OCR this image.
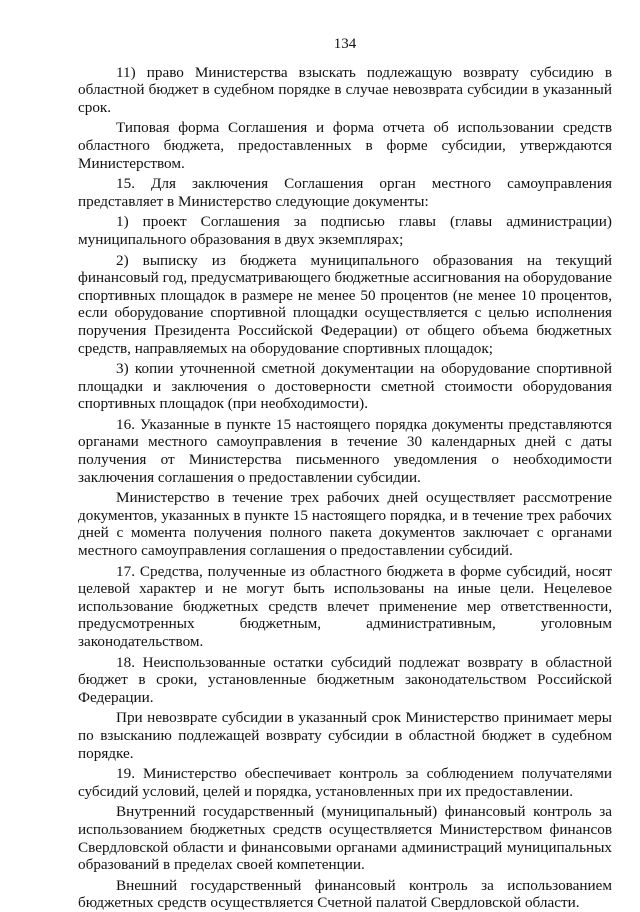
134

11) право Министерства взыскать подлежащую возврату субсидию в областной бюджет в судебном порядке в случае невозврата субсидии в указанный срок.

Типовая форма Соглашения и форма отчета об использовании средств областного бюджета, предоставленных в форме субсидии, утверждаются Министерством.

15. Для заключения Соглашения орган местного самоуправления представляет в Министерство следующие документы:

1) проект Соглашения за подписью главы (главы администрации) муниципального образования в двух экземплярах;

2) выписку из бюджета муниципального образования на текущий финансовый год, предусматривающего бюджетные ассигнования на оборудование спортивных площадок в размере не менее 50 процентов (не менее 10 процентов, если оборудование спортивной площадки осуществляется с целью исполнения поручения Президента Российской Федерации) от общего объема бюджетных средств, направляемых на оборудование спортивных площадок;

3) копии уточненной сметной документации на оборудование спортивной площадки и заключения о достоверности сметной стоимости оборудования спортивных площадок (при необходимости).

16. Указанные в пункте 15 настоящего порядка документы представляются органами местного самоуправления в течение 30 календарных дней с даты получения от Министерства письменного уведомления о необходимости заключения соглашения о предоставлении субсидии.

Министерство в течение трех рабочих дней осуществляет рассмотрение документов, указанных в пункте 15 настоящего порядка, и в течение трех рабочих дней с момента получения полного пакета документов заключает с органами местного самоуправления соглашения о предоставлении субсидий.

17. Средства, полученные из областного бюджета в форме субсидий, носят целевой характер и не могут быть использованы на иные цели. Нецелевое использование бюджетных средств влечет применение мер ответственности, предусмотренных бюджетным, административным, уголовным законодательством.

18. Неиспользованные остатки субсидий подлежат возврату в областной бюджет в сроки, установленные бюджетным законодательством Российской Федерации.

При невозврате субсидии в указанный срок Министерство принимает меры по взысканию подлежащей возврату субсидии в областной бюджет в судебном порядке.

19. Министерство обеспечивает контроль за соблюдением получателями субсидий условий, целей и порядка, установленных при их предоставлении.

Внутренний государственный (муниципальный) финансовый контроль за использованием бюджетных средств осуществляется Министерством финансов Свердловской области и финансовыми органами администраций муниципальных образований в пределах своей компетенции.

Внешний государственный финансовый контроль за использованием бюджетных средств осуществляется Счетной палатой Свердловской области.
